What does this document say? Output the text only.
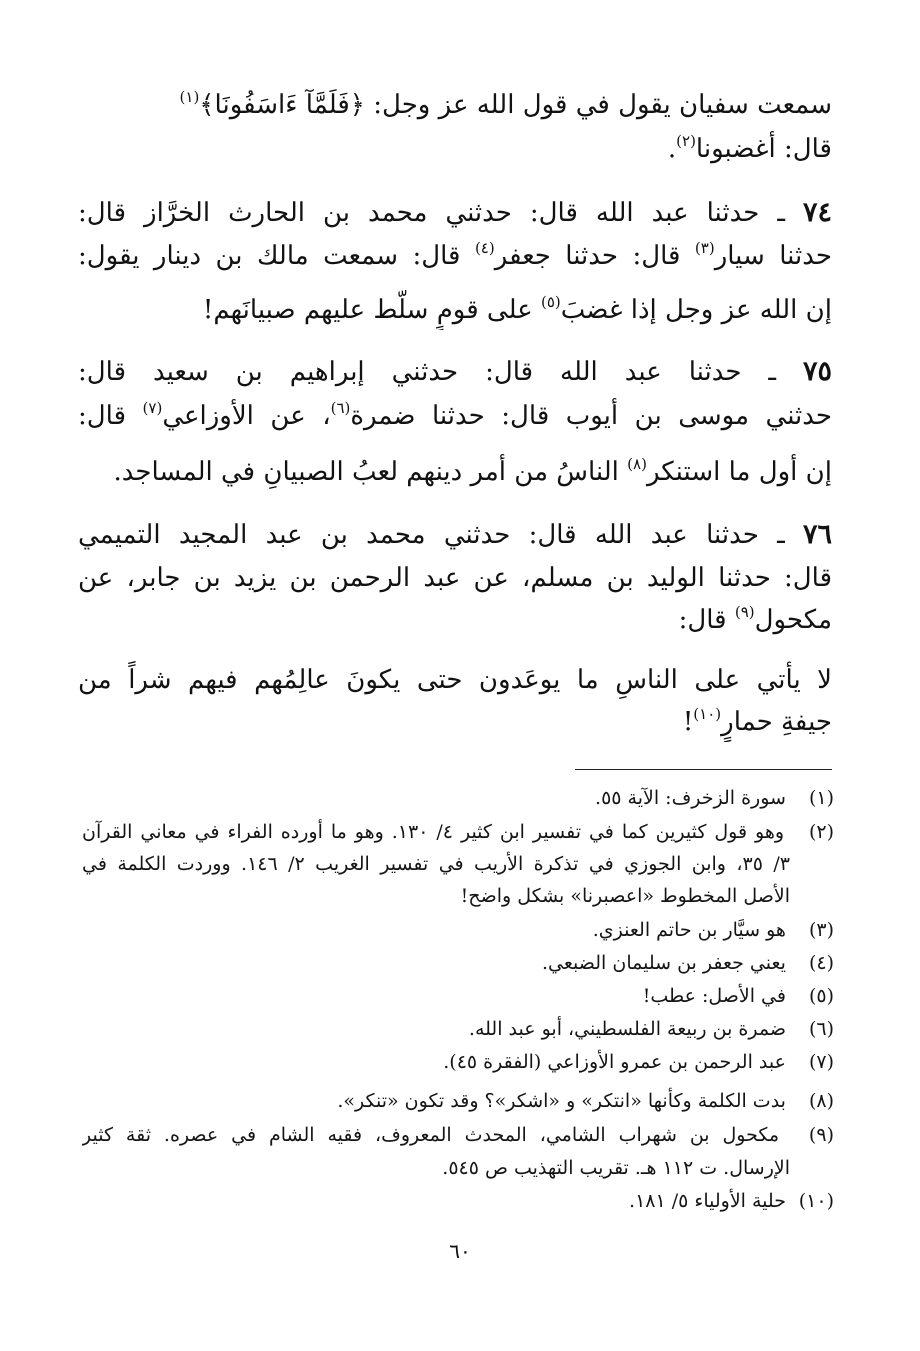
سمعت سفيان يقول في قول الله عز وجل: ﴿فَلَمَّآ ءَاسَفُونَا﴾$^{(١)}$
قال: أغضبونا$^{(٢)}$.
٧٤ ـ حدثنا عبد الله قال: حدثني محمد بن الحارث الخرَّاز قال:
حدثنا سيار$^{(٣)}$ قال: حدثنا جعفر$^{(٤)}$ قال: سمعت مالك بن دينار يقول:
إن الله عز وجل إذا غضبَ$^{(٥)}$ على قومٍ سلَّط عليهم صبيانَهم!
٧٥ ـ حدثنا عبد الله قال: حدثني إبراهيم بن سعيد قال:
حدثني موسى بن أيوب قال: حدثنا ضمرة$^{(٦)}$، عن الأوزاعي$^{(٧)}$ قال:
إن أول ما استنكر$^{(٨)}$ الناسُ من أمر دينهم لعبُ الصبيانِ في المساجد.
٧٦ ـ حدثنا عبد الله قال: حدثني محمد بن عبد المجيد التميمي
قال: حدثنا الوليد بن مسلم، عن عبد الرحمن بن يزيد بن جابر، عن
مكحول$^{(٩)}$ قال:
لا يأتي على الناسِ ما يوعَدون حتى يكونَ عالِمُهم فيهم شراً من
جيفةِ حمارٍ$^{(١٠)}$!
(١) سورة الزخرف: الآية ٥٥.
(٢) وهو قول كثيرين كما في تفسير ابن كثير ٤/ ١٣٠. وهو ما أورده الفراء في معاني القرآن
٣/ ٣٥، وابن الجوزي في تذكرة الأريب في تفسير الغريب ٢/ ١٤٦. ووردت الكلمة في
الأصل المخطوط «اعصبرنا» بشكل واضح!
(٣) هو سيَّار بن حاتم العنزي.
(٤) يعني جعفر بن سليمان الضبعي.
(٥) في الأصل: عطب!
(٦) ضمرة بن ربيعة الفلسطيني، أبو عبد الله.
(٧) عبد الرحمن بن عمرو الأوزاعي (الفقرة ٤٥).
(٨) بدت الكلمة وكأنها «انتكر» و «اشكر»؟ وقد تكون «تنكر».
(٩) مكحول بن شهراب الشامي، المحدث المعروف، فقيه الشام في عصره. ثقة كثير
الإرسال. ت ١١٢ هـ. تقريب التهذيب ص ٥٤٥.
(١٠) حلية الأولياء ٥/ ١٨١.
٦٠
